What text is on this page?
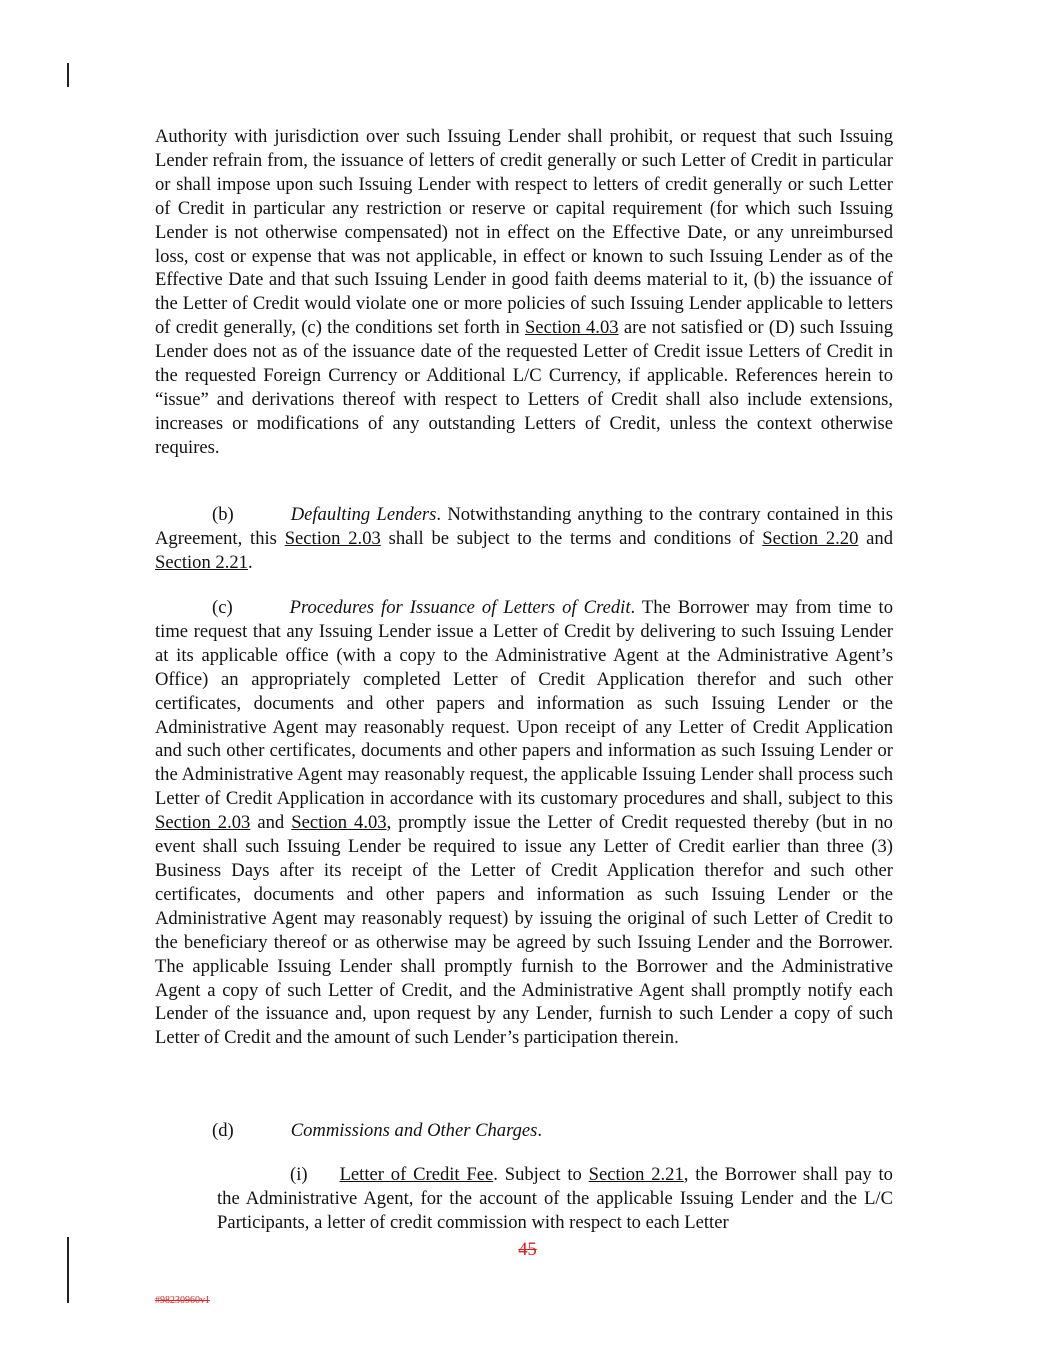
Authority with jurisdiction over such Issuing Lender shall prohibit, or request that such Issuing Lender refrain from, the issuance of letters of credit generally or such Letter of Credit in particular or shall impose upon such Issuing Lender with respect to letters of credit generally or such Letter of Credit in particular any restriction or reserve or capital requirement (for which such Issuing Lender is not otherwise compensated) not in effect on the Effective Date, or any unreimbursed loss, cost or expense that was not applicable, in effect or known to such Issuing Lender as of the Effective Date and that such Issuing Lender in good faith deems material to it, (b) the issuance of the Letter of Credit would violate one or more policies of such Issuing Lender applicable to letters of credit generally, (c) the conditions set forth in Section 4.03 are not satisfied or (D) such Issuing Lender does not as of the issuance date of the requested Letter of Credit issue Letters of Credit in the requested Foreign Currency or Additional L/C Currency, if applicable. References herein to “issue” and derivations thereof with respect to Letters of Credit shall also include extensions, increases or modifications of any outstanding Letters of Credit, unless the context otherwise requires.

(b)	Defaulting Lenders. Notwithstanding anything to the contrary contained in this Agreement, this Section 2.03 shall be subject to the terms and conditions of Section 2.20 and Section 2.21.

(c)	Procedures for Issuance of Letters of Credit. The Borrower may from time to time request that any Issuing Lender issue a Letter of Credit by delivering to such Issuing Lender at its applicable office (with a copy to the Administrative Agent at the Administrative Agent’s Office) an appropriately completed Letter of Credit Application therefor and such other certificates, documents and other papers and information as such Issuing Lender or the Administrative Agent may reasonably request. Upon receipt of any Letter of Credit Application and such other certificates, documents and other papers and information as such Issuing Lender or the Administrative Agent may reasonably request, the applicable Issuing Lender shall process such Letter of Credit Application in accordance with its customary procedures and shall, subject to this Section 2.03 and Section 4.03, promptly issue the Letter of Credit requested thereby (but in no event shall such Issuing Lender be required to issue any Letter of Credit earlier than three (3) Business Days after its receipt of the Letter of Credit Application therefor and such other certificates, documents and other papers and information as such Issuing Lender or the Administrative Agent may reasonably request) by issuing the original of such Letter of Credit to the beneficiary thereof or as otherwise may be agreed by such Issuing Lender and the Borrower. The applicable Issuing Lender shall promptly furnish to the Borrower and the Administrative Agent a copy of such Letter of Credit, and the Administrative Agent shall promptly notify each Lender of the issuance and, upon request by any Lender, furnish to such Lender a copy of such Letter of Credit and the amount of such Lender’s participation therein.

(d)	Commissions and Other Charges.

(i) Letter of Credit Fee. Subject to Section 2.21, the Borrower shall pay to the Administrative Agent, for the account of the applicable Issuing Lender and the L/C Participants, a letter of credit commission with respect to each Letter

45
#98230960v1
